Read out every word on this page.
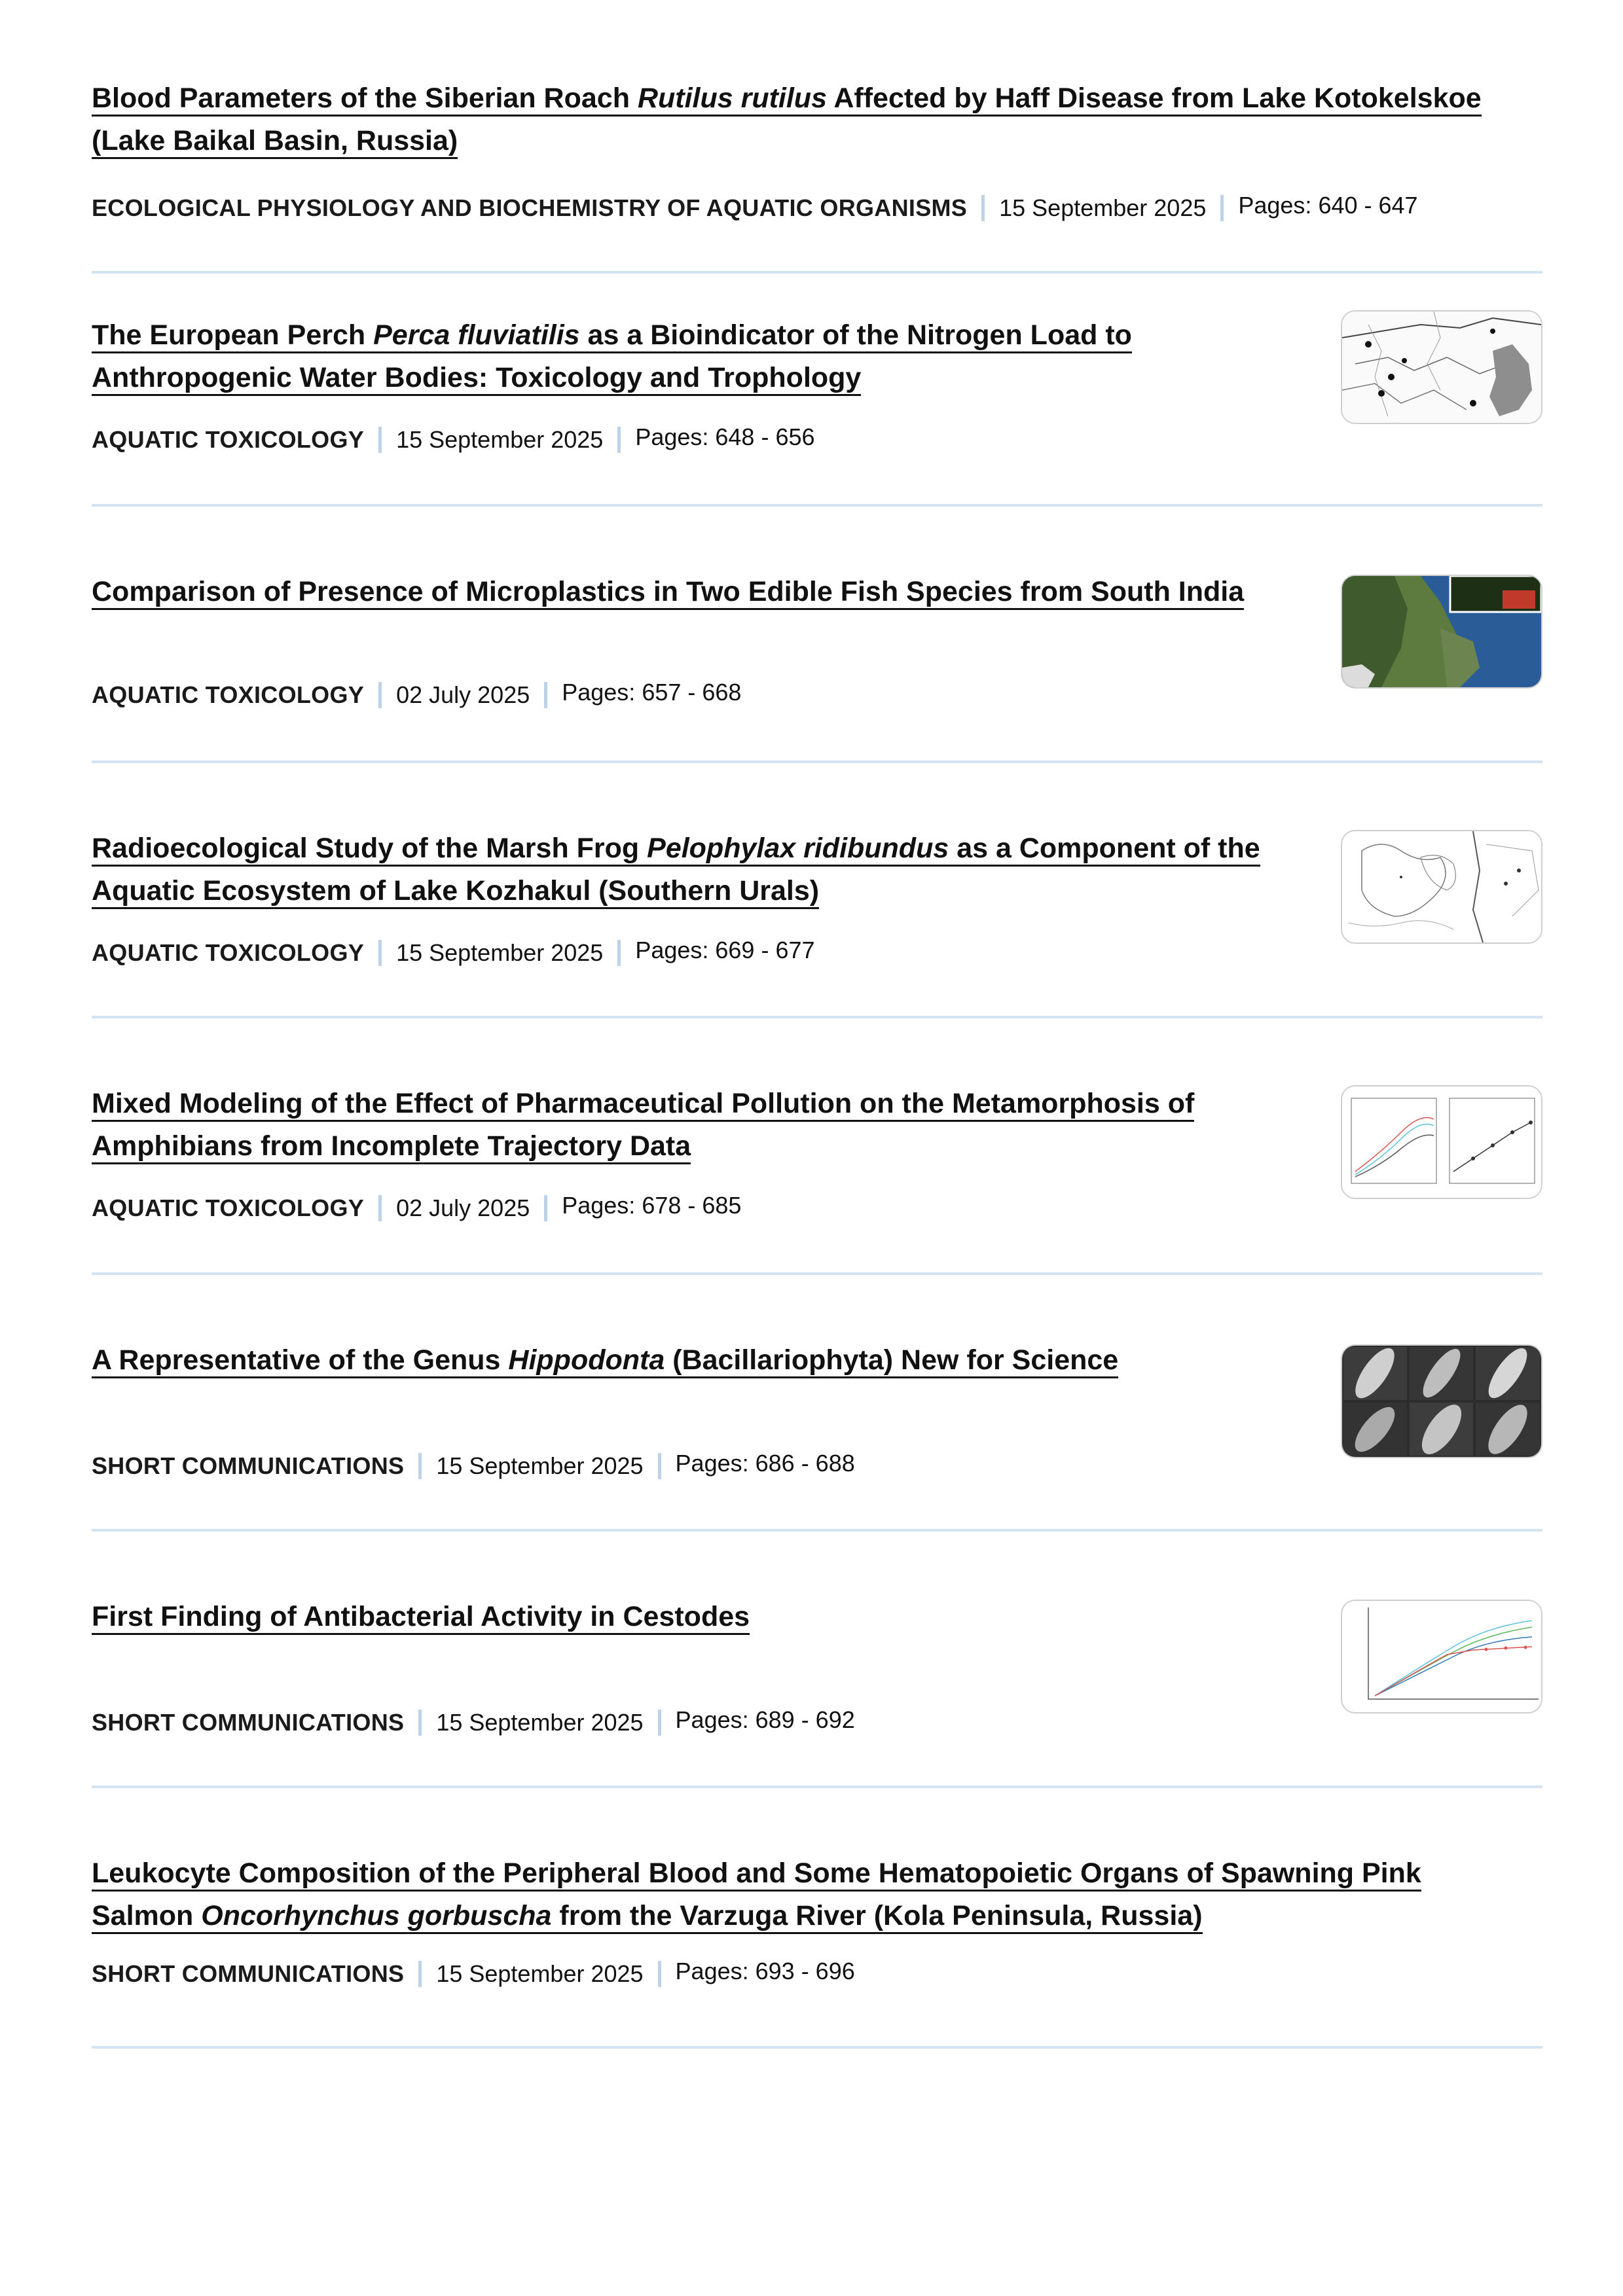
Blood Parameters of the Siberian Roach Rutilus rutilus Affected by Haff Disease from Lake Kotokelskoe
(Lake Baikal Basin, Russia)
ECOLOGICAL PHYSIOLOGY AND BIOCHEMISTRY OF AQUATIC ORGANISMS 15 September 2025 Pages: 640 - 647
The European Perch Perca fluviatilis as a Bioindicator of the Nitrogen Load to
Anthropogenic Water Bodies: Toxicology and Trophology
AQUATIC TOXICOLOGY 15 September 2025 Pages: 648 - 656
Comparison of Presence of Microplastics in Two Edible Fish Species from South India
AQUATIC TOXICOLOGY 02 July 2025 Pages: 657 - 668
Radioecological Study of the Marsh Frog Pelophylax ridibundus as a Component of the
Aquatic Ecosystem of Lake Kozhakul (Southern Urals)
AQUATIC TOXICOLOGY 15 September 2025 Pages: 669 - 677
Mixed Modeling of the Effect of Pharmaceutical Pollution on the Metamorphosis of
Amphibians from Incomplete Trajectory Data
AQUATIC TOXICOLOGY 02 July 2025 Pages: 678 - 685
A Representative of the Genus Hippodonta (Bacillariophyta) New for Science
SHORT COMMUNICATIONS 15 September 2025 Pages: 686 - 688
First Finding of Antibacterial Activity in Cestodes
SHORT COMMUNICATIONS 15 September 2025 Pages: 689 - 692
Leukocyte Composition of the Peripheral Blood and Some Hematopoietic Organs of Spawning Pink
Salmon Oncorhynchus gorbuscha from the Varzuga River (Kola Peninsula, Russia)
SHORT COMMUNICATIONS 15 September 2025 Pages: 693 - 696
